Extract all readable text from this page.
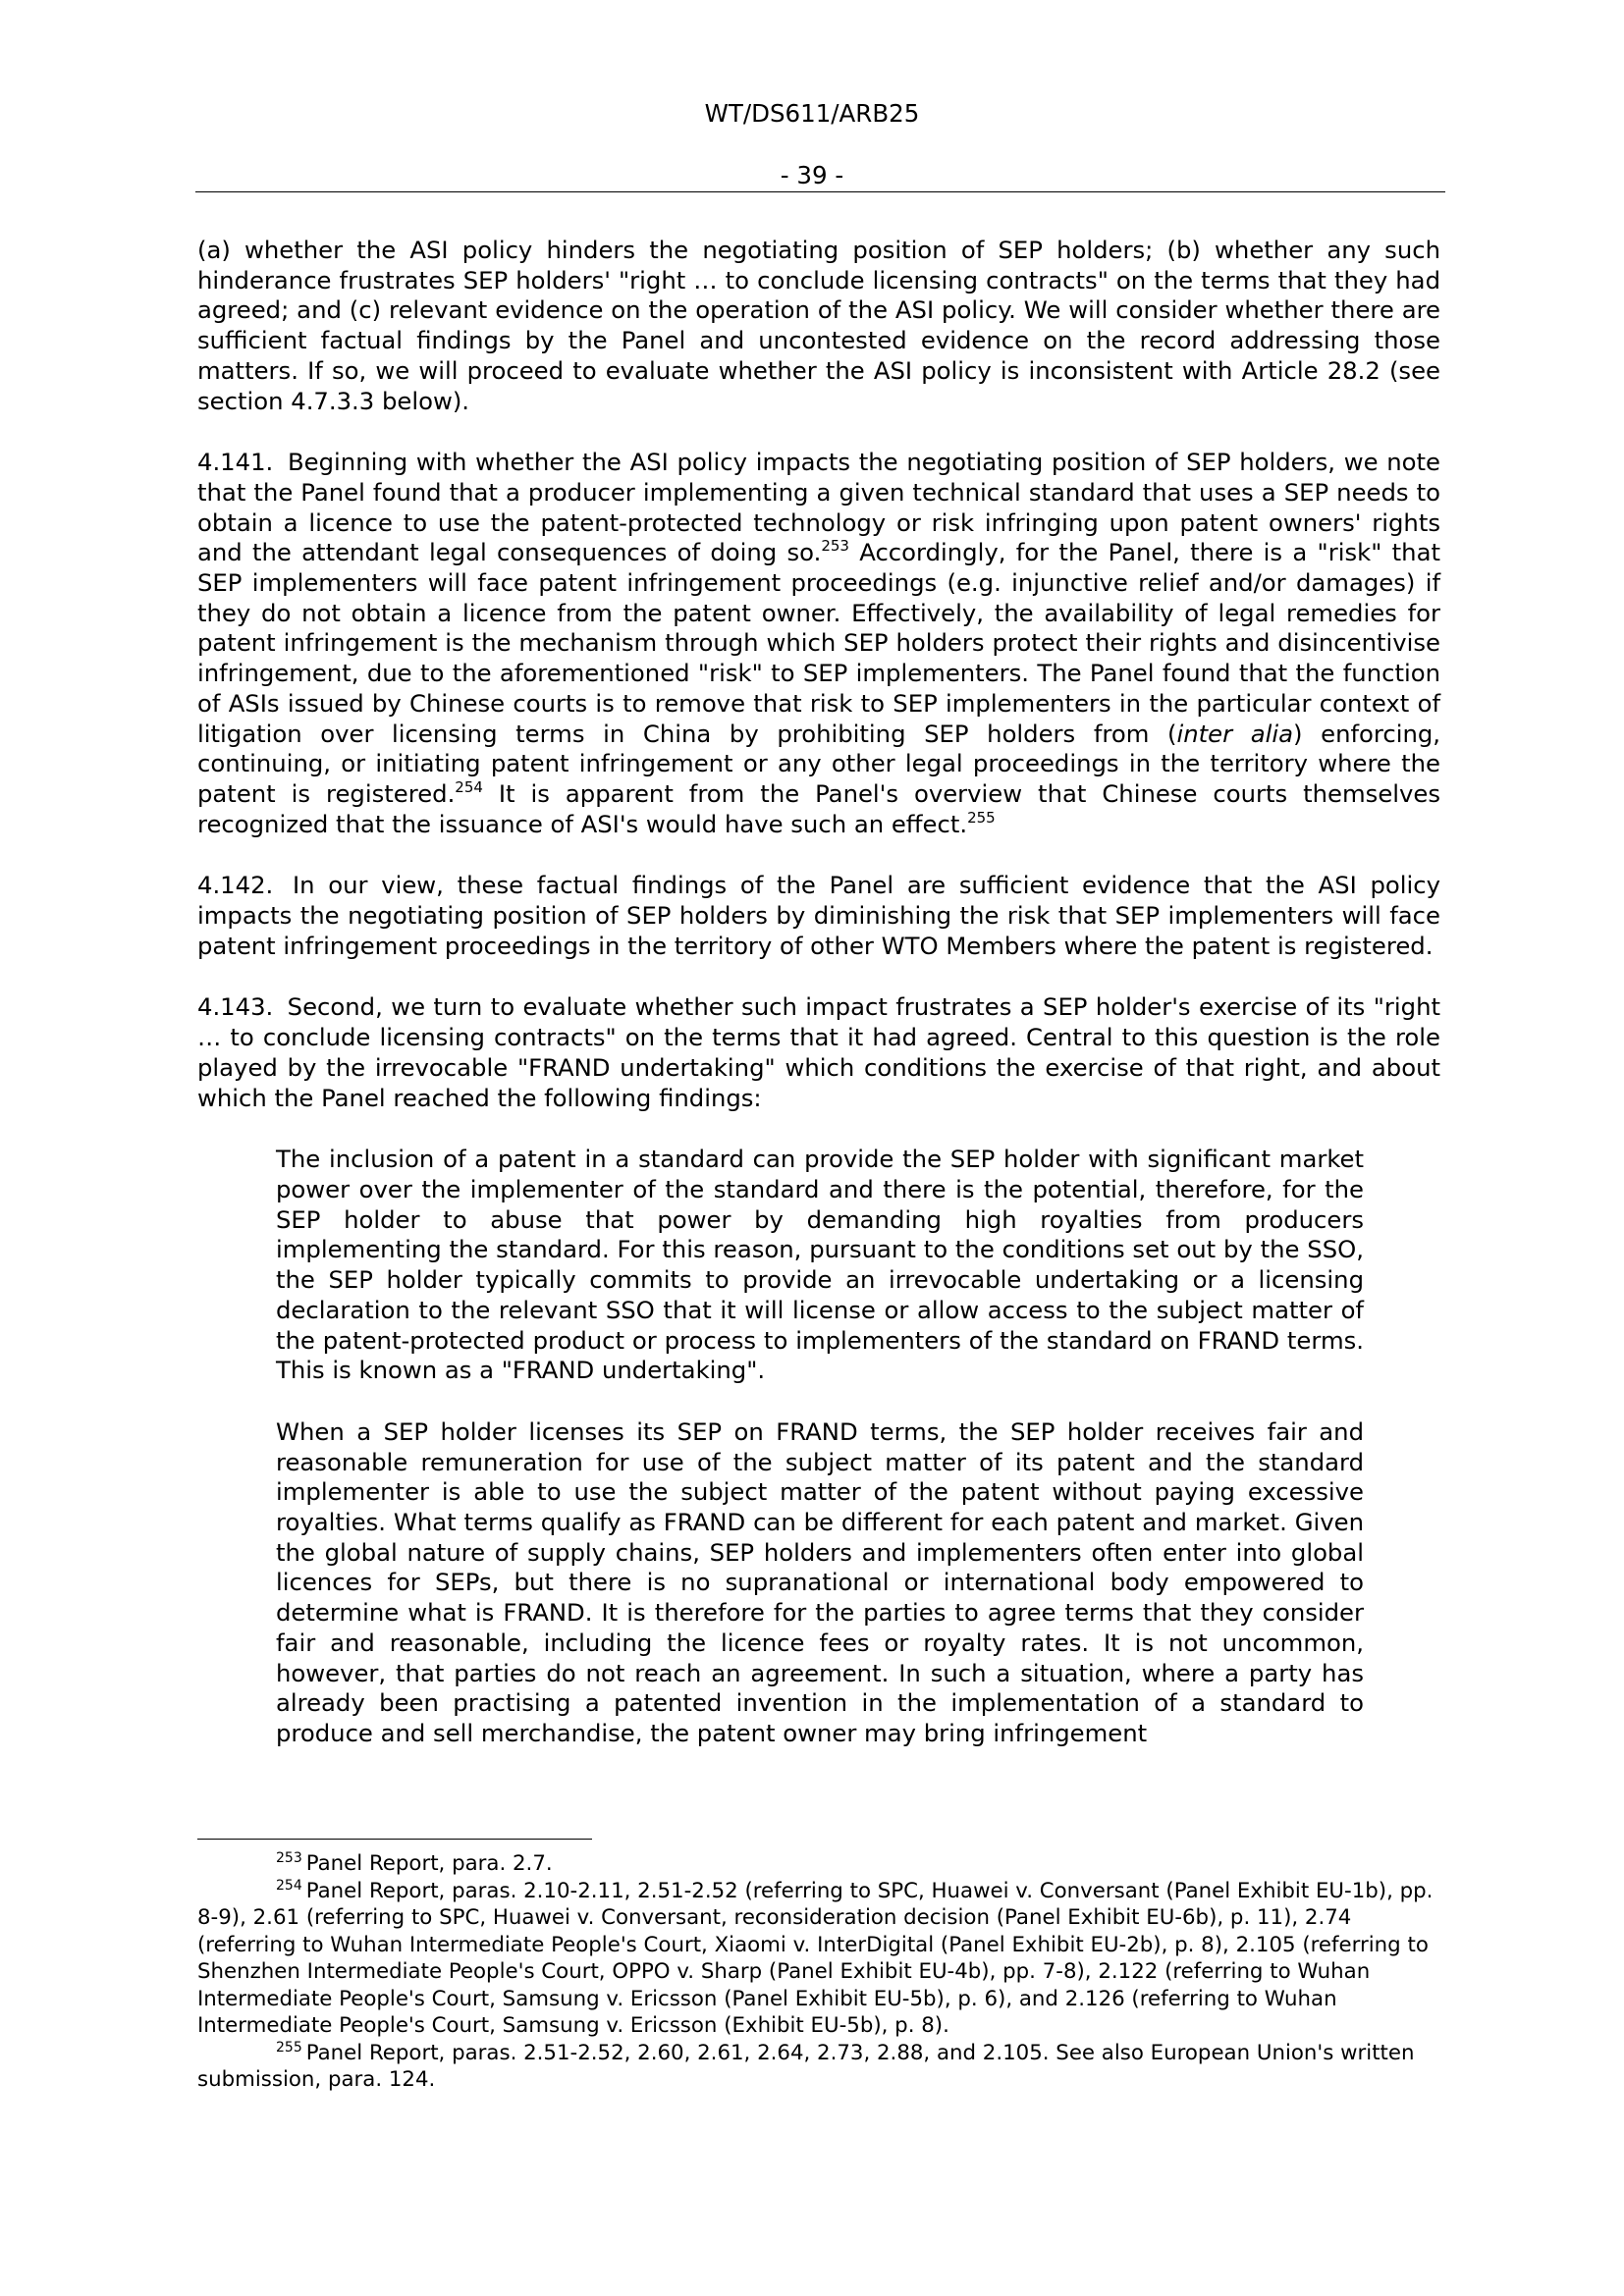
WT/DS611/ARB25
- 39 -

(a) whether the ASI policy hinders the negotiating position of SEP holders; (b) whether any such hinderance frustrates SEP holders' "right … to conclude licensing contracts" on the terms that they had agreed; and (c) relevant evidence on the operation of the ASI policy. We will consider whether there are sufficient factual findings by the Panel and uncontested evidence on the record addressing those matters. If so, we will proceed to evaluate whether the ASI policy is inconsistent with Article 28.2 (see section 4.7.3.3 below).

4.141. Beginning with whether the ASI policy impacts the negotiating position of SEP holders, we note that the Panel found that a producer implementing a given technical standard that uses a SEP needs to obtain a licence to use the patent-protected technology or risk infringing upon patent owners' rights and the attendant legal consequences of doing so.$^{253}$ Accordingly, for the Panel, there is a "risk" that SEP implementers will face patent infringement proceedings (e.g. injunctive relief and/or damages) if they do not obtain a licence from the patent owner. Effectively, the availability of legal remedies for patent infringement is the mechanism through which SEP holders protect their rights and disincentivise infringement, due to the aforementioned "risk" to SEP implementers. The Panel found that the function of ASIs issued by Chinese courts is to remove that risk to SEP implementers in the particular context of litigation over licensing terms in China by prohibiting SEP holders from (inter alia) enforcing, continuing, or initiating patent infringement or any other legal proceedings in the territory where the patent is registered.$^{254}$ It is apparent from the Panel's overview that Chinese courts themselves recognized that the issuance of ASI's would have such an effect.$^{255}$

4.142. In our view, these factual findings of the Panel are sufficient evidence that the ASI policy impacts the negotiating position of SEP holders by diminishing the risk that SEP implementers will face patent infringement proceedings in the territory of other WTO Members where the patent is registered.

4.143. Second, we turn to evaluate whether such impact frustrates a SEP holder's exercise of its "right … to conclude licensing contracts" on the terms that it had agreed. Central to this question is the role played by the irrevocable "FRAND undertaking" which conditions the exercise of that right, and about which the Panel reached the following findings:

The inclusion of a patent in a standard can provide the SEP holder with significant market power over the implementer of the standard and there is the potential, therefore, for the SEP holder to abuse that power by demanding high royalties from producers implementing the standard. For this reason, pursuant to the conditions set out by the SSO, the SEP holder typically commits to provide an irrevocable undertaking or a licensing declaration to the relevant SSO that it will license or allow access to the subject matter of the patent-protected product or process to implementers of the standard on FRAND terms. This is known as a "FRAND undertaking".

When a SEP holder licenses its SEP on FRAND terms, the SEP holder receives fair and reasonable remuneration for use of the subject matter of its patent and the standard implementer is able to use the subject matter of the patent without paying excessive royalties. What terms qualify as FRAND can be different for each patent and market. Given the global nature of supply chains, SEP holders and implementers often enter into global licences for SEPs, but there is no supranational or international body empowered to determine what is FRAND. It is therefore for the parties to agree terms that they consider fair and reasonable, including the licence fees or royalty rates. It is not uncommon, however, that parties do not reach an agreement. In such a situation, where a party has already been practising a patented invention in the implementation of a standard to produce and sell merchandise, the patent owner may bring infringement

$^{253}$ Panel Report, para. 2.7.

$^{254}$ Panel Report, paras. 2.10-2.11, 2.51-2.52 (referring to SPC, Huawei v. Conversant (Panel Exhibit EU-1b), pp. 8-9), 2.61 (referring to SPC, Huawei v. Conversant, reconsideration decision (Panel Exhibit EU-6b), p. 11), 2.74 (referring to Wuhan Intermediate People's Court, Xiaomi v. InterDigital (Panel Exhibit EU-2b), p. 8), 2.105 (referring to Shenzhen Intermediate People's Court, OPPO v. Sharp (Panel Exhibit EU-4b), pp. 7-8), 2.122 (referring to Wuhan Intermediate People's Court, Samsung v. Ericsson (Panel Exhibit EU-5b), p. 6), and 2.126 (referring to Wuhan Intermediate People's Court, Samsung v. Ericsson (Exhibit EU-5b), p. 8).

$^{255}$ Panel Report, paras. 2.51-2.52, 2.60, 2.61, 2.64, 2.73, 2.88, and 2.105. See also European Union's written submission, para. 124.
